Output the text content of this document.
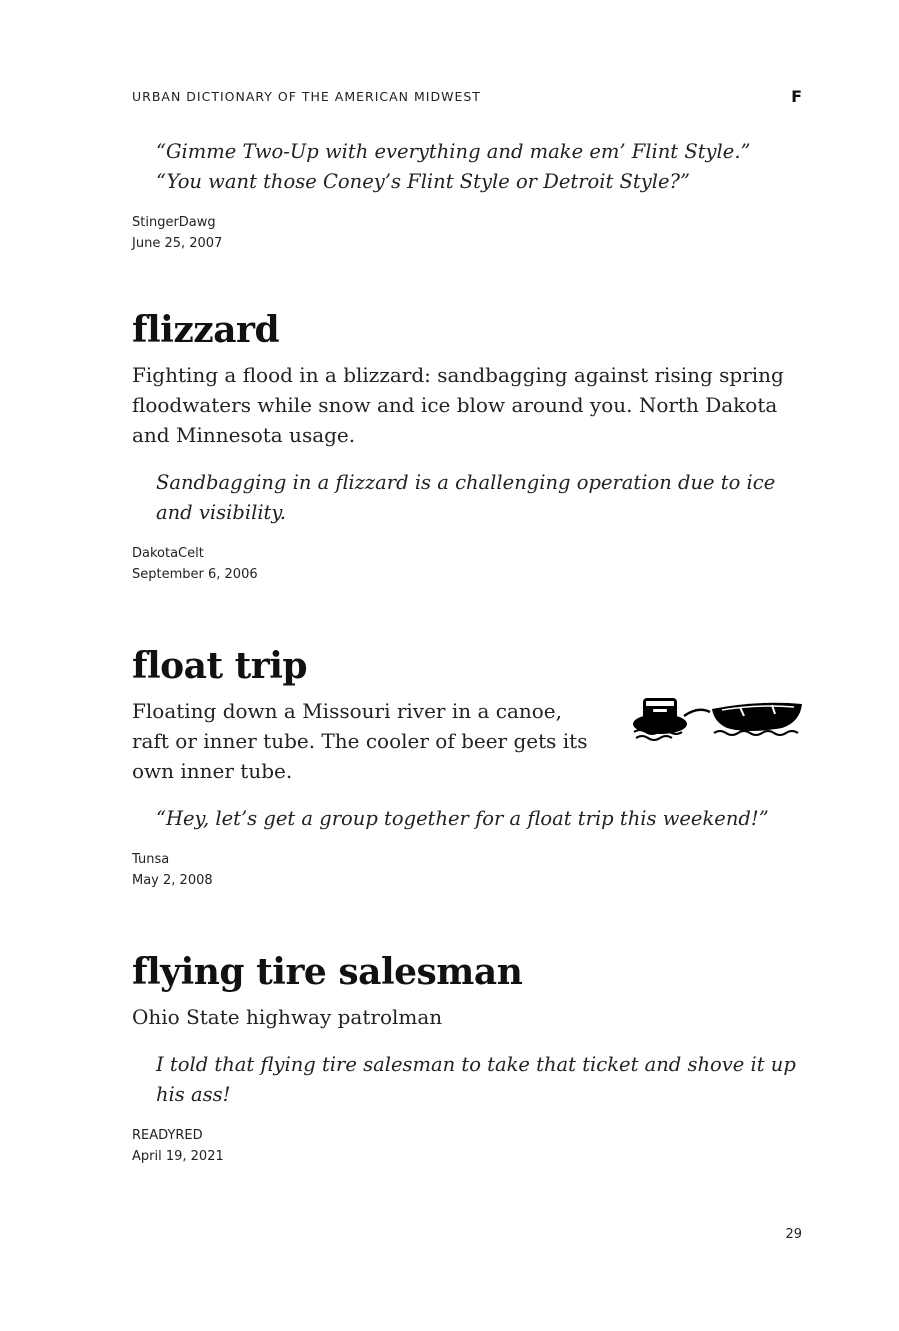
URBAN DICTIONARY OF THE AMERICAN MIDWEST	F

“Gimme Two-Up with everything and make em’ Flint Style.”

“You want those Coney’s Flint Style or Detroit Style?”

StingerDawg
June 25, 2007
flizzard

Fighting a flood in a blizzard: sandbagging against rising spring floodwaters while snow and ice blow around you. North Dakota and Minnesota usage.

Sandbagging in a flizzard is a challenging operation due to ice and visibility.

DakotaCelt
September 6, 2006
float trip

Floating down a Missouri river in a canoe, raft or inner tube. The cooler of beer gets its own inner tube.

“Hey, let’s get a group together for a float trip this weekend!”

Tunsa
May 2, 2008
flying tire salesman

Ohio State highway patrolman

I told that flying tire salesman to take that ticket and shove it up his ass!

READYRED
April 19, 2021
29
